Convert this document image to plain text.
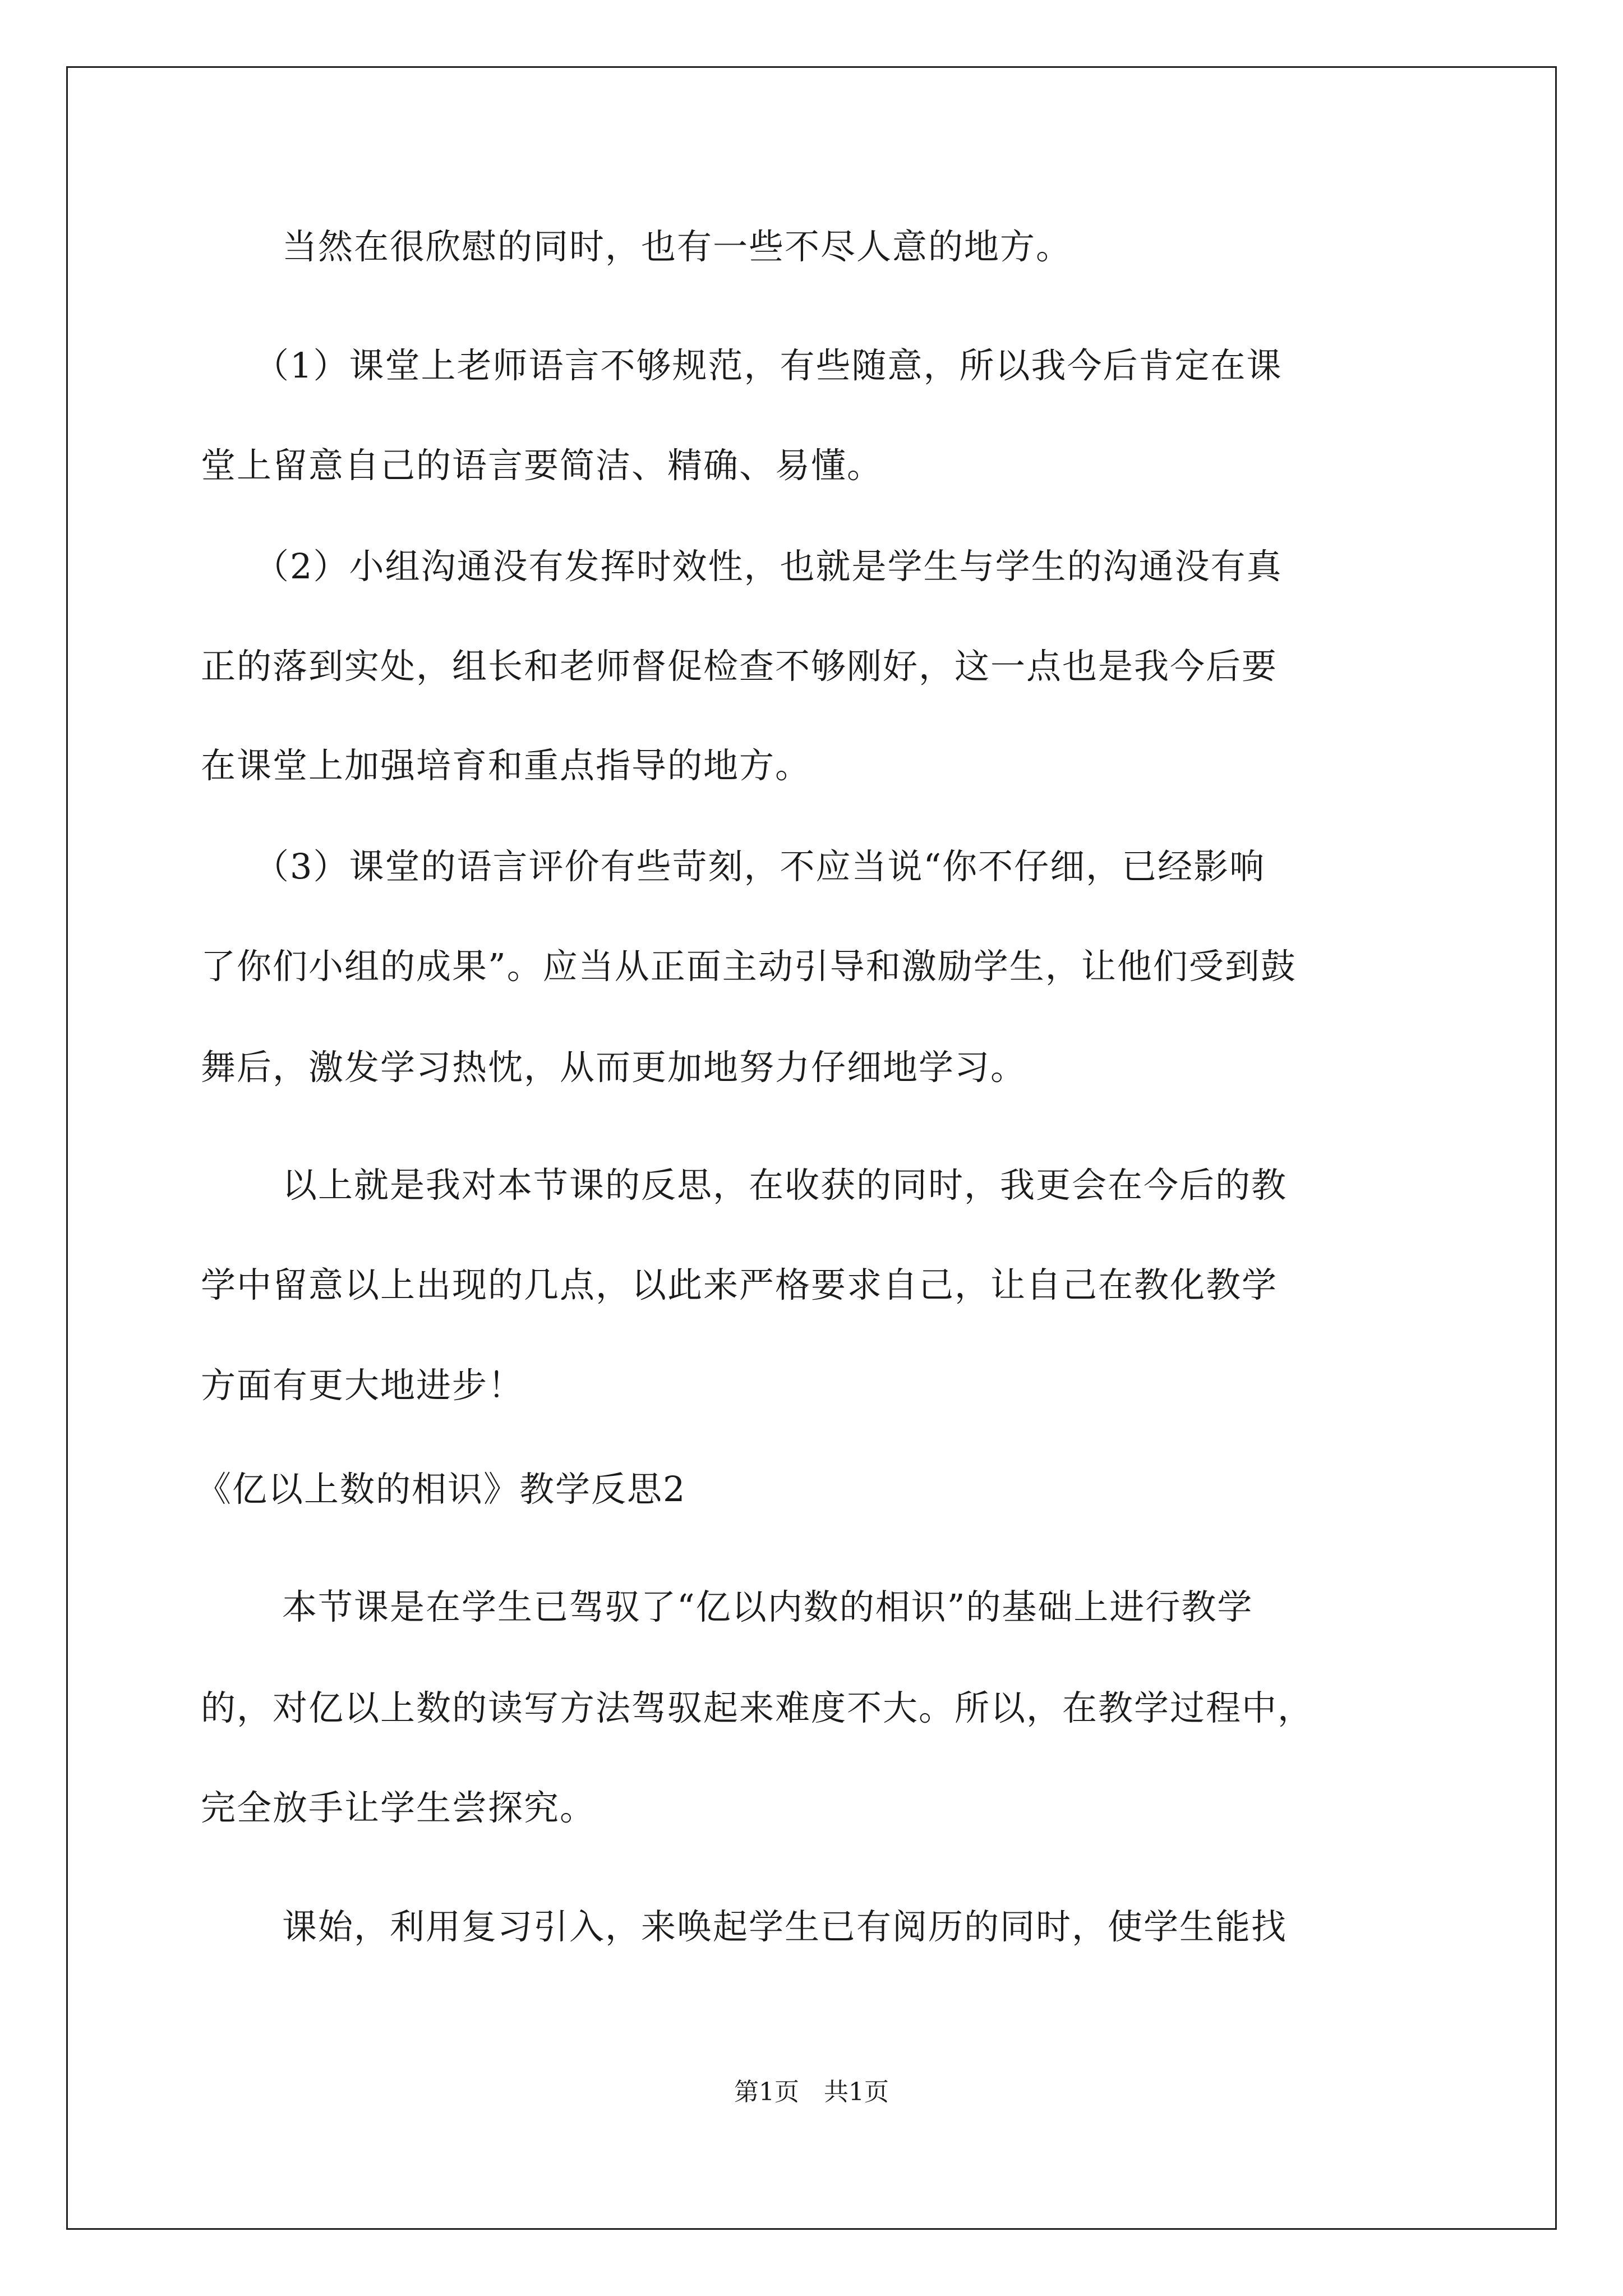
当然在很欣慰的同时，也有一些不尽人意的地方。
（1）课堂上老师语言不够规范，有些随意，所以我今后肯定在课
堂上留意自己的语言要简洁、精确、易懂。
（2）小组沟通没有发挥时效性，也就是学生与学生的沟通没有真
正的落到实处，组长和老师督促检查不够刚好，这一点也是我今后要
在课堂上加强培育和重点指导的地方。
（3）课堂的语言评价有些苛刻，不应当说“你不仔细，已经影响
了你们小组的成果”。应当从正面主动引导和激励学生，让他们受到鼓
舞后，激发学习热忱，从而更加地努力仔细地学习。
以上就是我对本节课的反思，在收获的同时，我更会在今后的教
学中留意以上出现的几点，以此来严格要求自己，让自己在教化教学
方面有更大地进步！
《亿以上数的相识》教学反思2
本节课是在学生已驾驭了“亿以内数的相识”的基础上进行教学
的，对亿以上数的读写方法驾驭起来难度不大。所以，在教学过程中，
完全放手让学生尝探究。
课始，利用复习引入，来唤起学生已有阅历的同时，使学生能找
第1页　共1页
